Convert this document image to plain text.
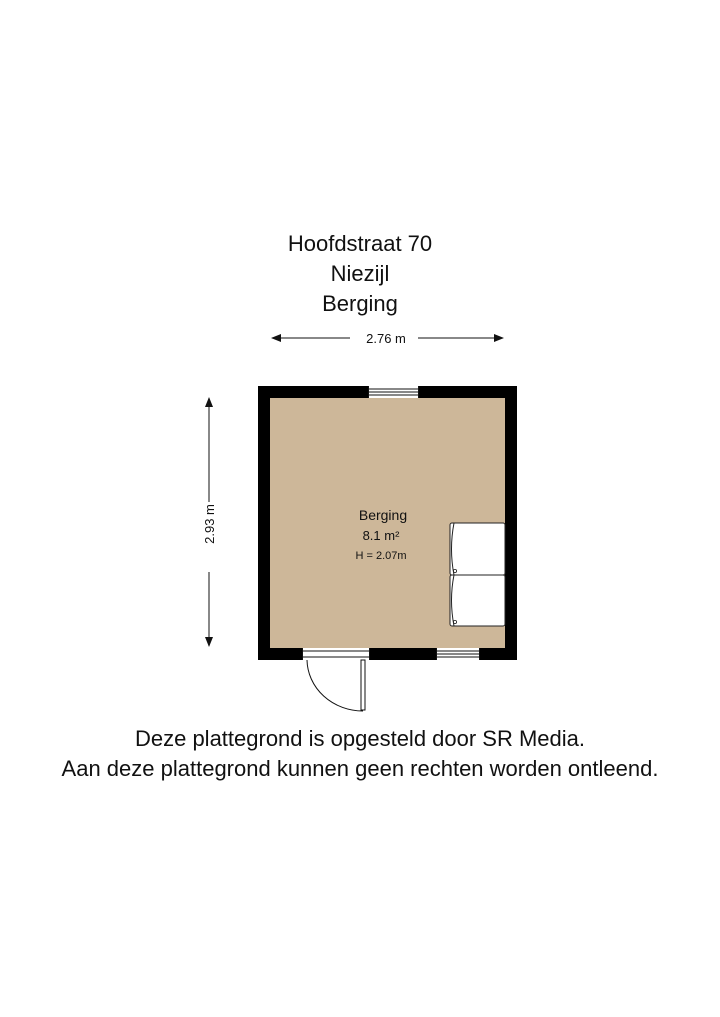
Hoofdstraat 70
Niezijl
Berging
2.76 m
2.93 m	Berging
8.1 m²
H = 2.07m
Deze plattegrond is opgesteld door SR Media.
Aan deze plattegrond kunnen geen rechten worden ontleend.
